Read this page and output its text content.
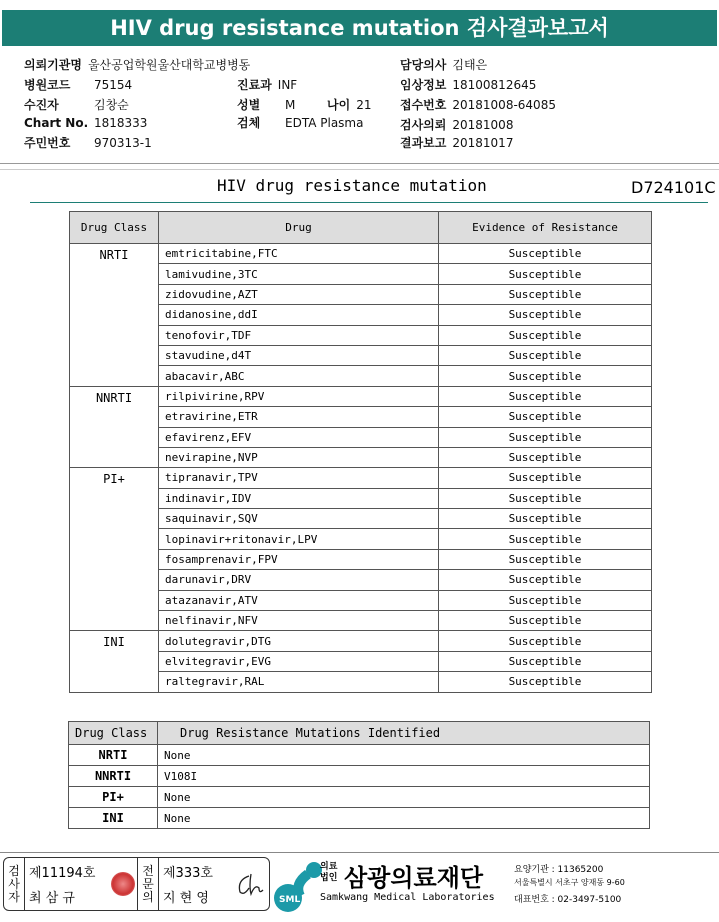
HIV drug resistance mutation 검사결과보고서
의뢰기관명 울산공업학원울산대학교병병동
병원코드 75154
수진자	김창순
Chart No. 1818333
주민번호 970313-1
진료과 INF
성별 M	나이 21
검체 EDTA Plasma
담당의사 김태은
임상정보 18100812645
접수번호 20181008-64085
검사의뢰 20181008
결과보고 20181017
HIV drug resistance mutation	D724101C
Drug Class	Drug	Evidence of Resistance
NRTI	emtricitabine,FTC	Susceptible
	lamivudine,3TC	Susceptible
	zidovudine,AZT	Susceptible
	didanosine,ddI	Susceptible
	tenofovir,TDF	Susceptible
	stavudine,d4T	Susceptible
	abacavir,ABC	Susceptible
NNRTI	rilpivirine,RPV	Susceptible
	etravirine,ETR	Susceptible
	efavirenz,EFV	Susceptible
	nevirapine,NVP	Susceptible
PI+	tipranavir,TPV	Susceptible
	indinavir,IDV	Susceptible
	saquinavir,SQV	Susceptible
	lopinavir+ritonavir,LPV	Susceptible
	fosamprenavir,FPV	Susceptible
	darunavir,DRV	Susceptible
	atazanavir,ATV	Susceptible
	nelfinavir,NFV	Susceptible
INI	dolutegravir,DTG	Susceptible
	elvitegravir,EVG	Susceptible
	raltegravir,RAL	Susceptible
Drug Class	Drug Resistance Mutations Identified
NRTI	None
NNRTI	V108I
PI+	None
INI	None
검사자
제11194호
최 삼 규
전문의
제333호
지 현 영	SML
의료법인 삼광의료재단
Samkwang Medical Laboratories
요양기관 : 11365200
서울특별시 서초구 양재동 9-60
대표번호 : 02-3497-5100
